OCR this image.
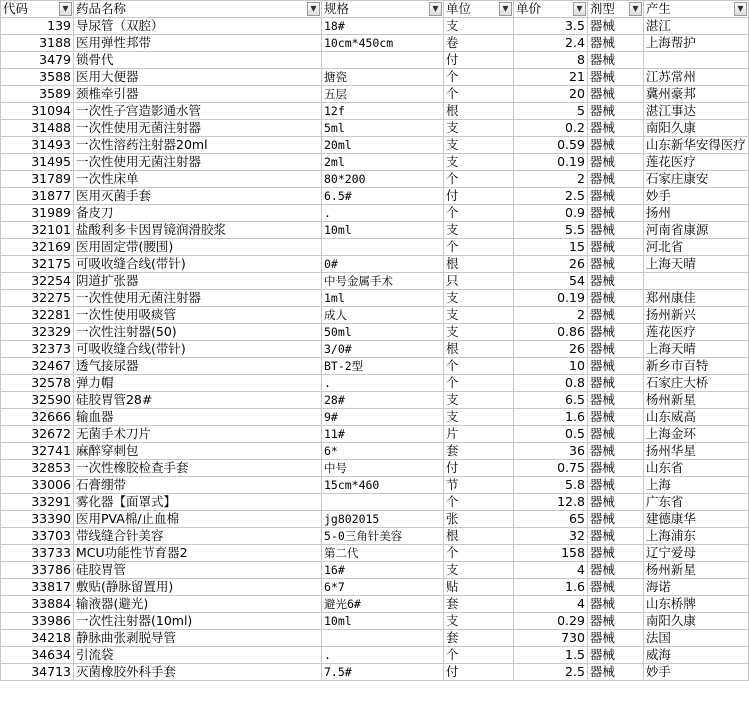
代码 ▼	药品名称 ▼	规格 ▼	单位 ▼	单价 ▼	剂型 ▼	产生 ▼

139	导尿管（双腔）	18#	支	3.5	器械	湛江
3188	医用弹性邦带	10cm*450cm	卷	2.4	器械	上海帮护
3479	锁骨代		付	8	器械	
3588	医用大便器	搪瓷	个	21	器械	江苏常州
3589	颈椎牵引器	五层	个	20	器械	冀州豪邦
31094	一次性子宫造影通水管	12f	根	5	器械	湛江事达
31488	一次性使用无菌注射器	5ml	支	0.2	器械	南阳久康
31493	一次性溶药注射器20ml	20ml	支	0.59	器械	山东新华安得医疗
31495	一次性使用无菌注射器	2ml	支	0.19	器械	莲花医疗
31789	一次性床单	80*200	个	2	器械	石家庄康安
31877	医用灭菌手套	6.5#	付	2.5	器械	妙手
31989	备皮刀	.	个	0.9	器械	扬州
32101	盐酸利多卡因胃镜润滑胶浆	10ml	支	5.5	器械	河南省康源
32169	医用固定带(腰围)		个	15	器械	河北省
32175	可吸收缝合线(带针)	0#	根	26	器械	上海天晴
32254	阴道扩张器	中号金属手术	只	54	器械	
32275	一次性使用无菌注射器	1ml	支	0.19	器械	郑州康佳
32281	一次性使用吸痰管	成人	支	2	器械	扬州新兴
32329	一次性注射器(50)	50ml	支	0.86	器械	莲花医疗
32373	可吸收缝合线(带针)	3/0#	根	26	器械	上海天晴
32467	透气接尿器	BT-2型	个	10	器械	新乡市百特
32578	弹力帽	.	个	0.8	器械	石家庄大桥
32590	硅胶胃管28#	28#	支	6.5	器械	杨州新星
32666	输血器	9#	支	1.6	器械	山东威高
32672	无菌手术刀片	11#	片	0.5	器械	上海金环
32741	麻醉穿刺包	6*	套	36	器械	扬州华星
32853	一次性橡胶检查手套	中号	付	0.75	器械	山东省
33006	石膏绷带	15cm*460	节	5.8	器械	上海
33291	雾化器【面罩式】		个	12.8	器械	广东省
33390	医用PVA棉/止血棉	jg802015	张	65	器械	建德康华
33703	带线缝合针美容	5-0三角针美容	根	32	器械	上海浦东
33733	MCU功能性节育器2	第二代	个	158	器械	辽宁爱母
33786	硅胶胃管	16#	支	4	器械	杨州新星
33817	敷贴(静脉留置用)	6*7	贴	1.6	器械	海诺
33884	输液器(避光)	避光6#	套	4	器械	山东桥牌
33986	一次性注射器(10ml)	10ml	支	0.29	器械	南阳久康
34218	静脉曲张剥脱导管		套	730	器械	法国
34634	引流袋	.	个	1.5	器械	威海
34713	灭菌橡胶外科手套	7.5#	付	2.5	器械	妙手
